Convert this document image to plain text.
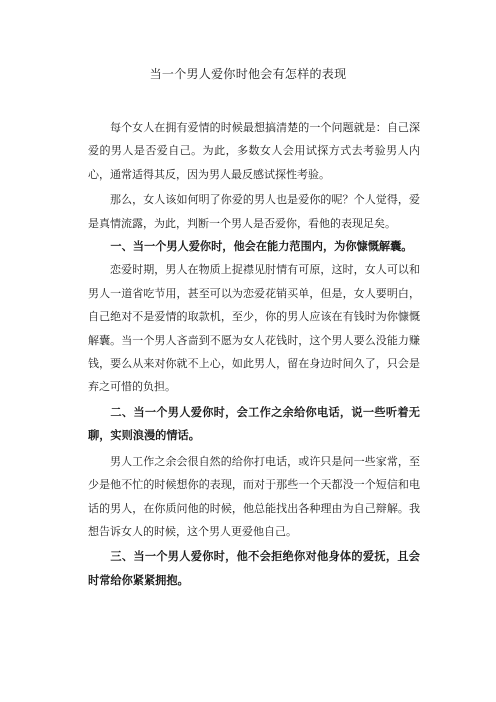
当一个男人爱你时他会有怎样的表现

每个女人在拥有爱情的时候最想搞清楚的一个问题就是：自己深爱的男人是否爱自己。为此，多数女人会用试探方式去考验男人内心，通常适得其反，因为男人最反感试探性考验。

那么，女人该如何明了你爱的男人也是爱你的呢？个人觉得，爱是真情流露，为此，判断一个男人是否爱你，看他的表现足矣。

一、当一个男人爱你时，他会在能力范围内，为你慷慨解囊。

恋爱时期，男人在物质上捉襟见肘情有可原，这时，女人可以和男人一道省吃节用，甚至可以为恋爱花销买单，但是，女人要明白，自己绝对不是爱情的取款机，至少，你的男人应该在有钱时为你慷慨解囊。当一个男人吝啬到不愿为女人花钱时，这个男人要么没能力赚钱，要么从来对你就不上心，如此男人，留在身边时间久了，只会是弃之可惜的负担。

二、当一个男人爱你时，会工作之余给你电话，说一些听着无聊，实则浪漫的情话。

男人工作之余会很自然的给你打电话，或许只是问一些家常，至少是他不忙的时候想你的表现，而对于那些一个天都没一个短信和电话的男人，在你质问他的时候，他总能找出各种理由为自己辩解。我想告诉女人的时候，这个男人更爱他自己。

三、当一个男人爱你时，他不会拒绝你对他身体的爱抚，且会时常给你紧紧拥抱。
